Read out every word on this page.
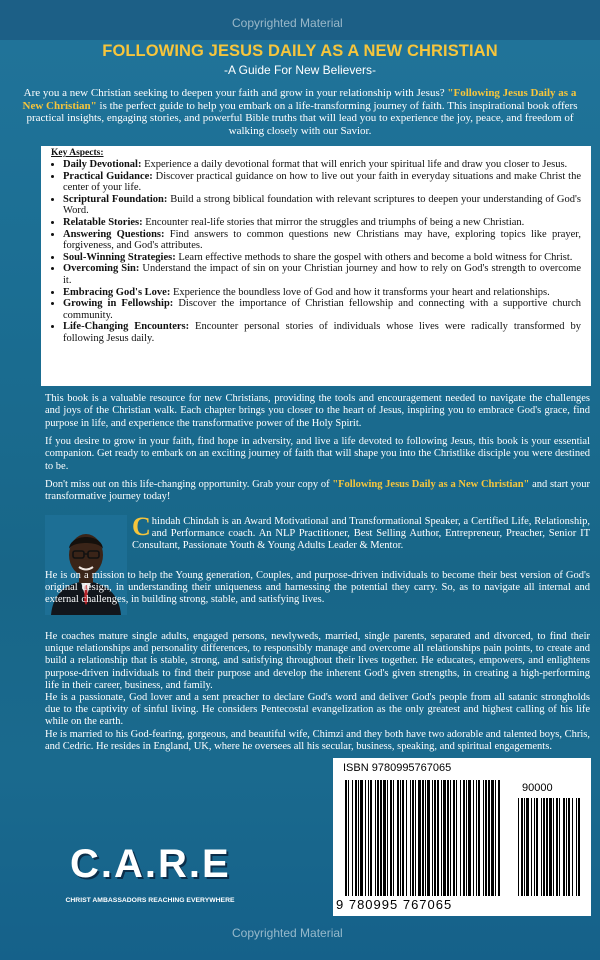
Copyrighted Material
FOLLOWING JESUS DAILY AS A NEW CHRISTIAN
-A Guide For New Believers-
Are you a new Christian seeking to deepen your faith and grow in your relationship with Jesus? "Following Jesus Daily as a New Christian" is the perfect guide to help you embark on a life-transforming journey of faith. This inspirational book offers practical insights, engaging stories, and powerful Bible truths that will lead you to experience the joy, peace, and freedom of walking closely with our Savior.
Key Aspects:
• Daily Devotional: Experience a daily devotional format that will enrich your spiritual life and draw you closer to Jesus.
• Practical Guidance: Discover practical guidance on how to live out your faith in everyday situations and make Christ the center of your life.
• Scriptural Foundation: Build a strong biblical foundation with relevant scriptures to deepen your understanding of God's Word.
• Relatable Stories: Encounter real-life stories that mirror the struggles and triumphs of being a new Christian.
• Answering Questions: Find answers to common questions new Christians may have, exploring topics like prayer, forgiveness, and God's attributes.
• Soul-Winning Strategies: Learn effective methods to share the gospel with others and become a bold witness for Christ.
• Overcoming Sin: Understand the impact of sin on your Christian journey and how to rely on God's strength to overcome it.
• Embracing God's Love: Experience the boundless love of God and how it transforms your heart and relationships.
• Growing in Fellowship: Discover the importance of Christian fellowship and connecting with a supportive church community.
• Life-Changing Encounters: Encounter personal stories of individuals whose lives were radically transformed by following Jesus daily.
This book is a valuable resource for new Christians, providing the tools and encouragement needed to navigate the challenges and joys of the Christian walk. Each chapter brings you closer to the heart of Jesus, inspiring you to embrace God's grace, find purpose in life, and experience the transformative power of the Holy Spirit.
If you desire to grow in your faith, find hope in adversity, and live a life devoted to following Jesus, this book is your essential companion. Get ready to embark on an exciting journey of faith that will shape you into the Christlike disciple you were destined to be.
Don't miss out on this life-changing opportunity. Grab your copy of "Following Jesus Daily as a New Christian" and start your transformative journey today!
Chindah Chindah is an Award Motivational and Transformational Speaker, a Certified Life, Relationship, and Performance coach. An NLP Practitioner, Best Selling Author, Entrepreneur, Preacher, Senior IT Consultant, Passionate Youth & Young Adults Leader & Mentor.
He is on a mission to help the Young generation, Couples, and purpose-driven individuals to become their best version of God's original design, in understanding their uniqueness and harnessing the potential they carry. So, as to navigate all internal and external challenges, in building strong, stable, and satisfying lives.

He coaches mature single adults, engaged persons, newlyweds, married, single parents, separated and divorced, to find their unique relationships and personality differences, to responsibly manage and overcome all relationships pain points, to create and build a relationship that is stable, strong, and satisfying throughout their lives together. He educates, empowers, and enlightens purpose-driven individuals to find their purpose and develop the inherent God's given strengths, in creating a high-performing life in their career, business, and family.

He is a passionate, God lover and a sent preacher to declare God's word and deliver God's people from all satanic strongholds due to the captivity of sinful living. He considers Pentecostal evangelization as the only greatest and highest calling of his life while on the earth.

He is married to his God-fearing, gorgeous, and beautiful wife, Chimzi and they both have two adorable and talented boys, Chris, and Cedric. He resides in England, UK, where he oversees all his secular, business, speaking, and spiritual engagements.

C.A.R.E
CHRIST AMBASSADORS REACHING EVERYWHERE
ISBN 9780995767065
90000
9 780995 767065
Copyrighted Material
